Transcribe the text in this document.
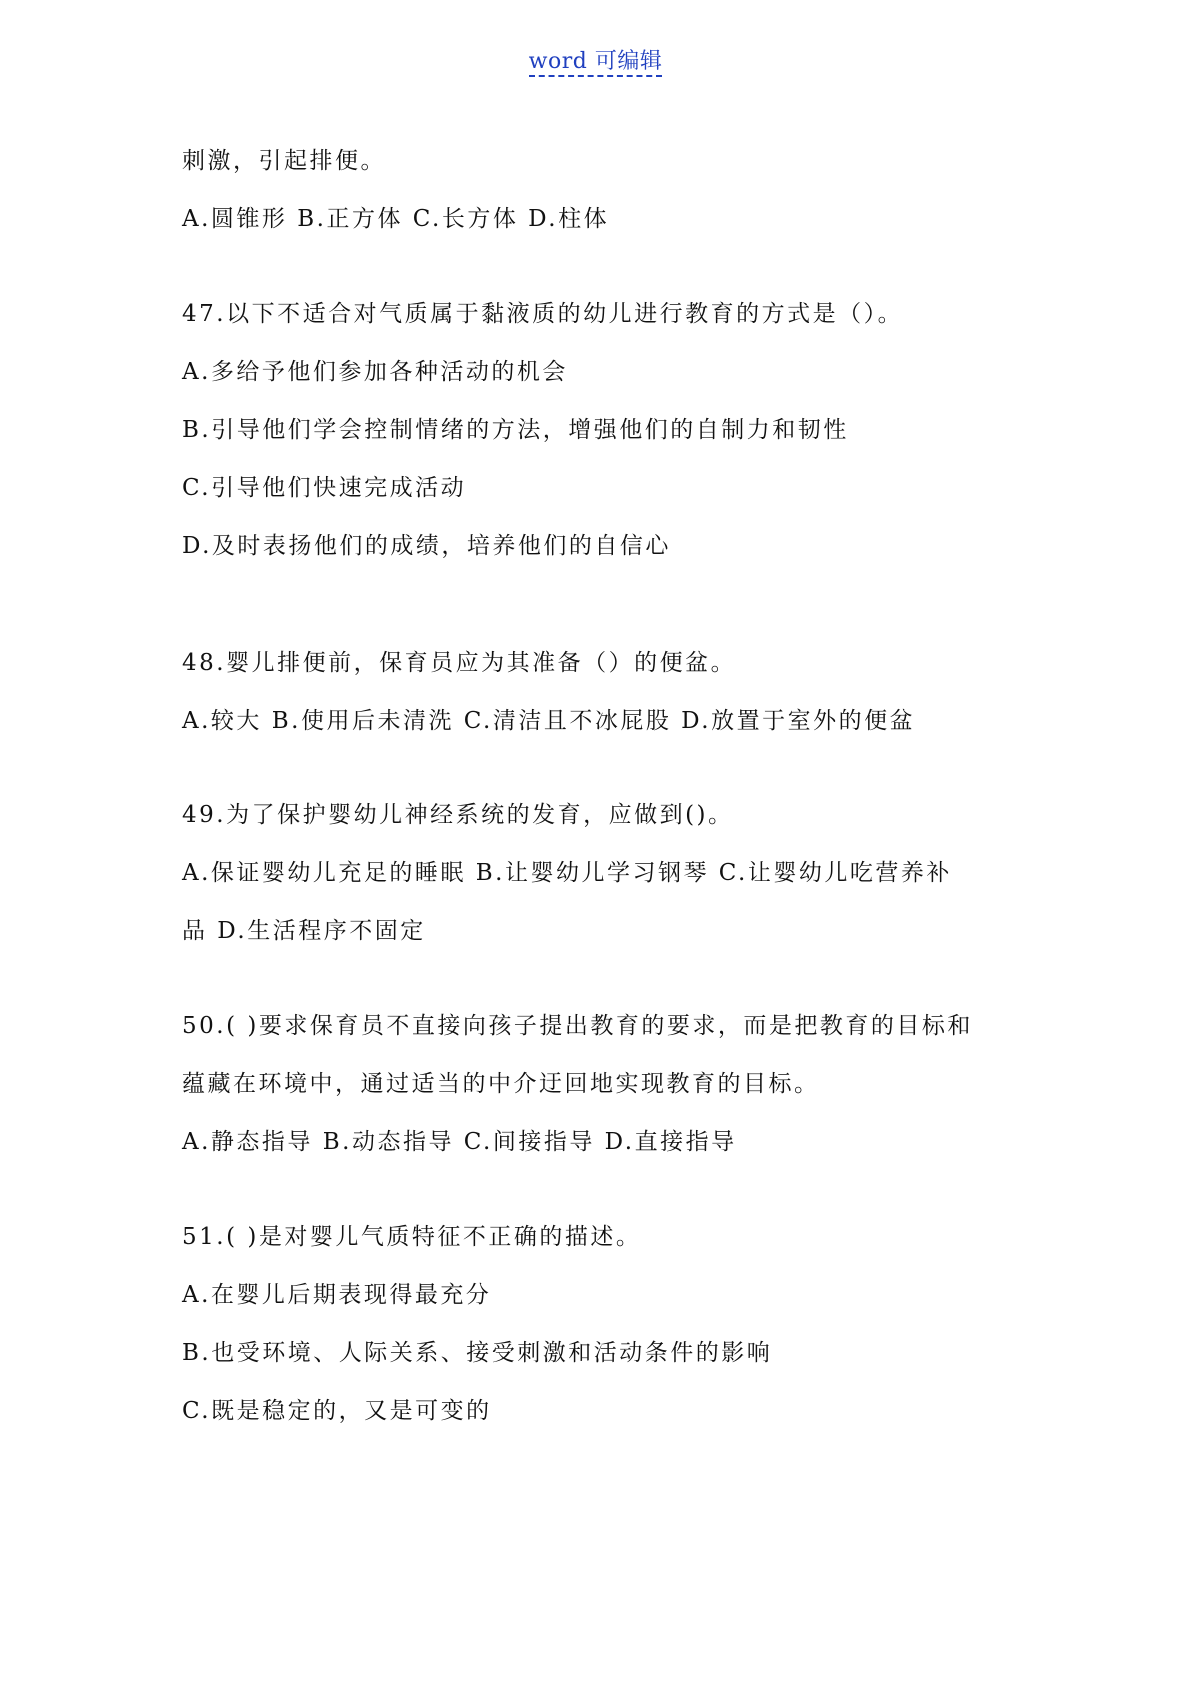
word 可编辑

刺激，引起排便。

A.圆锥形 B.正方体 C.长方体 D.柱体

47.以下不适合对气质属于黏液质的幼儿进行教育的方式是（）。

A.多给予他们参加各种活动的机会

B.引导他们学会控制情绪的方法，增强他们的自制力和韧性

C.引导他们快速完成活动

D.及时表扬他们的成绩，培养他们的自信心

48.婴儿排便前，保育员应为其准备（）的便盆。

A.较大 B.使用后未清洗 C.清洁且不冰屁股 D.放置于室外的便盆

49.为了保护婴幼儿神经系统的发育，应做到()。

A.保证婴幼儿充足的睡眠 B.让婴幼儿学习钢琴 C.让婴幼儿吃营养补

品 D.生活程序不固定

50.( )要求保育员不直接向孩子提出教育的要求，而是把教育的目标和

蕴藏在环境中，通过适当的中介迂回地实现教育的目标。

A.静态指导 B.动态指导 C.间接指导 D.直接指导

51.( )是对婴儿气质特征不正确的描述。

A.在婴儿后期表现得最充分

B.也受环境、人际关系、接受刺激和活动条件的影响

C.既是稳定的，又是可变的
